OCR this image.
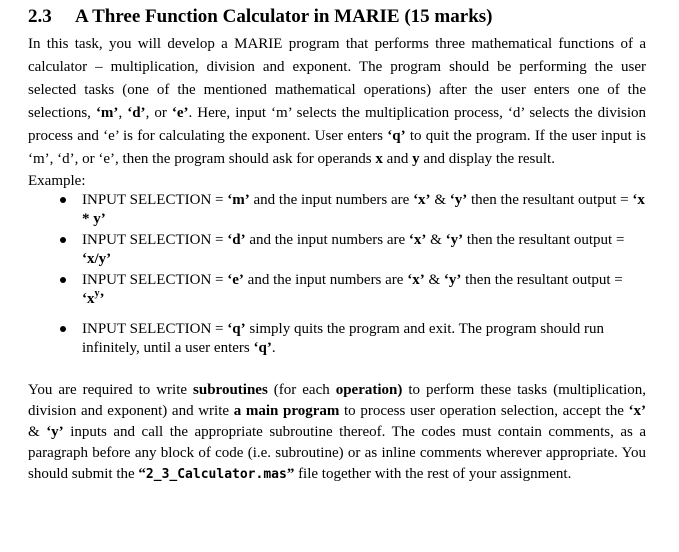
2.3 A Three Function Calculator in MARIE (15 marks)

In this task, you will develop a MARIE program that performs three mathematical functions of a calculator – multiplication, division and exponent. The program should be performing the user selected tasks (one of the mentioned mathematical operations) after the user enters one of the selections, ‘m’, ‘d’, or ‘e’. Here, input ‘m’ selects the multiplication process, ‘d’ selects the division process and ‘e’ is for calculating the exponent. User enters ‘q’ to quit the program. If the user input is ‘m’, ‘d’, or ‘e’, then the program should ask for operands x and y and display the result.

Example:

INPUT SELECTION = ‘m’ and the input numbers are ‘x’ & ‘y’ then the resultant output = ‘x * y’
INPUT SELECTION = ‘d’ and the input numbers are ‘x’ & ‘y’ then the resultant output = ‘x/y’
INPUT SELECTION = ‘e’ and the input numbers are ‘x’ & ‘y’ then the resultant output = ‘$x^y$’
INPUT SELECTION = ‘q’ simply quits the program and exit. The program should run infinitely, until a user enters ‘q’.

You are required to write subroutines (for each operation) to perform these tasks (multiplication, division and exponent) and write a main program to process user operation selection, accept the ‘x’ & ‘y’ inputs and call the appropriate subroutine thereof. The codes must contain comments, as a paragraph before any block of code (i.e. subroutine) or as inline comments wherever appropriate. You should submit the “2_3_Calculator.mas” file together with the rest of your assignment.
